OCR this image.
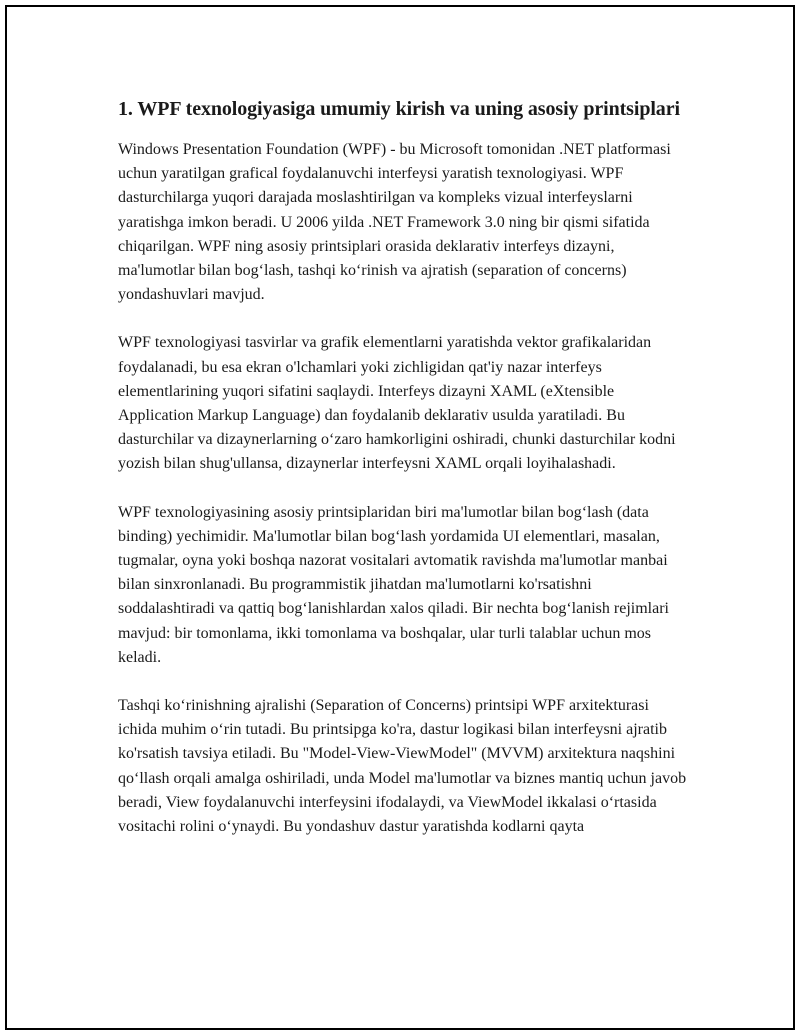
1. WPF texnologiyasiga umumiy kirish va uning asosiy printsiplari

Windows Presentation Foundation (WPF) - bu Microsoft tomonidan .NET platformasi uchun yaratilgan grafical foydalanuvchi interfeysi yaratish texnologiyasi. WPF dasturchilarga yuqori darajada moslashtirilgan va kompleks vizual interfeyslarni yaratishga imkon beradi. U 2006 yilda .NET Framework 3.0 ning bir qismi sifatida chiqarilgan. WPF ning asosiy printsiplari orasida deklarativ interfeys dizayni, ma'lumotlar bilan bog‘lash, tashqi ko‘rinish va ajratish (separation of concerns) yondashuvlari mavjud.

WPF texnologiyasi tasvirlar va grafik elementlarni yaratishda vektor grafikalaridan foydalanadi, bu esa ekran o'lchamlari yoki zichligidan qat'iy nazar interfeys elementlarining yuqori sifatini saqlaydi. Interfeys dizayni XAML (eXtensible Application Markup Language) dan foydalanib deklarativ usulda yaratiladi. Bu dasturchilar va dizaynerlarning o‘zaro hamkorligini oshiradi, chunki dasturchilar kodni yozish bilan shug'ullansa, dizaynerlar interfeysni XAML orqali loyihalashadi.

WPF texnologiyasining asosiy printsiplaridan biri ma'lumotlar bilan bog‘lash (data binding) yechimidir. Ma'lumotlar bilan bog‘lash yordamida UI elementlari, masalan, tugmalar, oyna yoki boshqa nazorat vositalari avtomatik ravishda ma'lumotlar manbai bilan sinxronlanadi. Bu programmistik jihatdan ma'lumotlarni ko'rsatishni soddalashtiradi va qattiq bog‘lanishlardan xalos qiladi. Bir nechta bog‘lanish rejimlari mavjud: bir tomonlama, ikki tomonlama va boshqalar, ular turli talablar uchun mos keladi.

Tashqi ko‘rinishning ajralishi (Separation of Concerns) printsipi WPF arxitekturasi ichida muhim o‘rin tutadi. Bu printsipga ko'ra, dastur logikasi bilan interfeysni ajratib ko'rsatish tavsiya etiladi. Bu "Model-View-ViewModel" (MVVM) arxitektura naqshini qo‘llash orqali amalga oshiriladi, unda Model ma'lumotlar va biznes mantiq uchun javob beradi, View foydalanuvchi interfeysini ifodalaydi, va ViewModel ikkalasi o‘rtasida vositachi rolini o‘ynaydi. Bu yondashuv dastur yaratishda kodlarni qayta
